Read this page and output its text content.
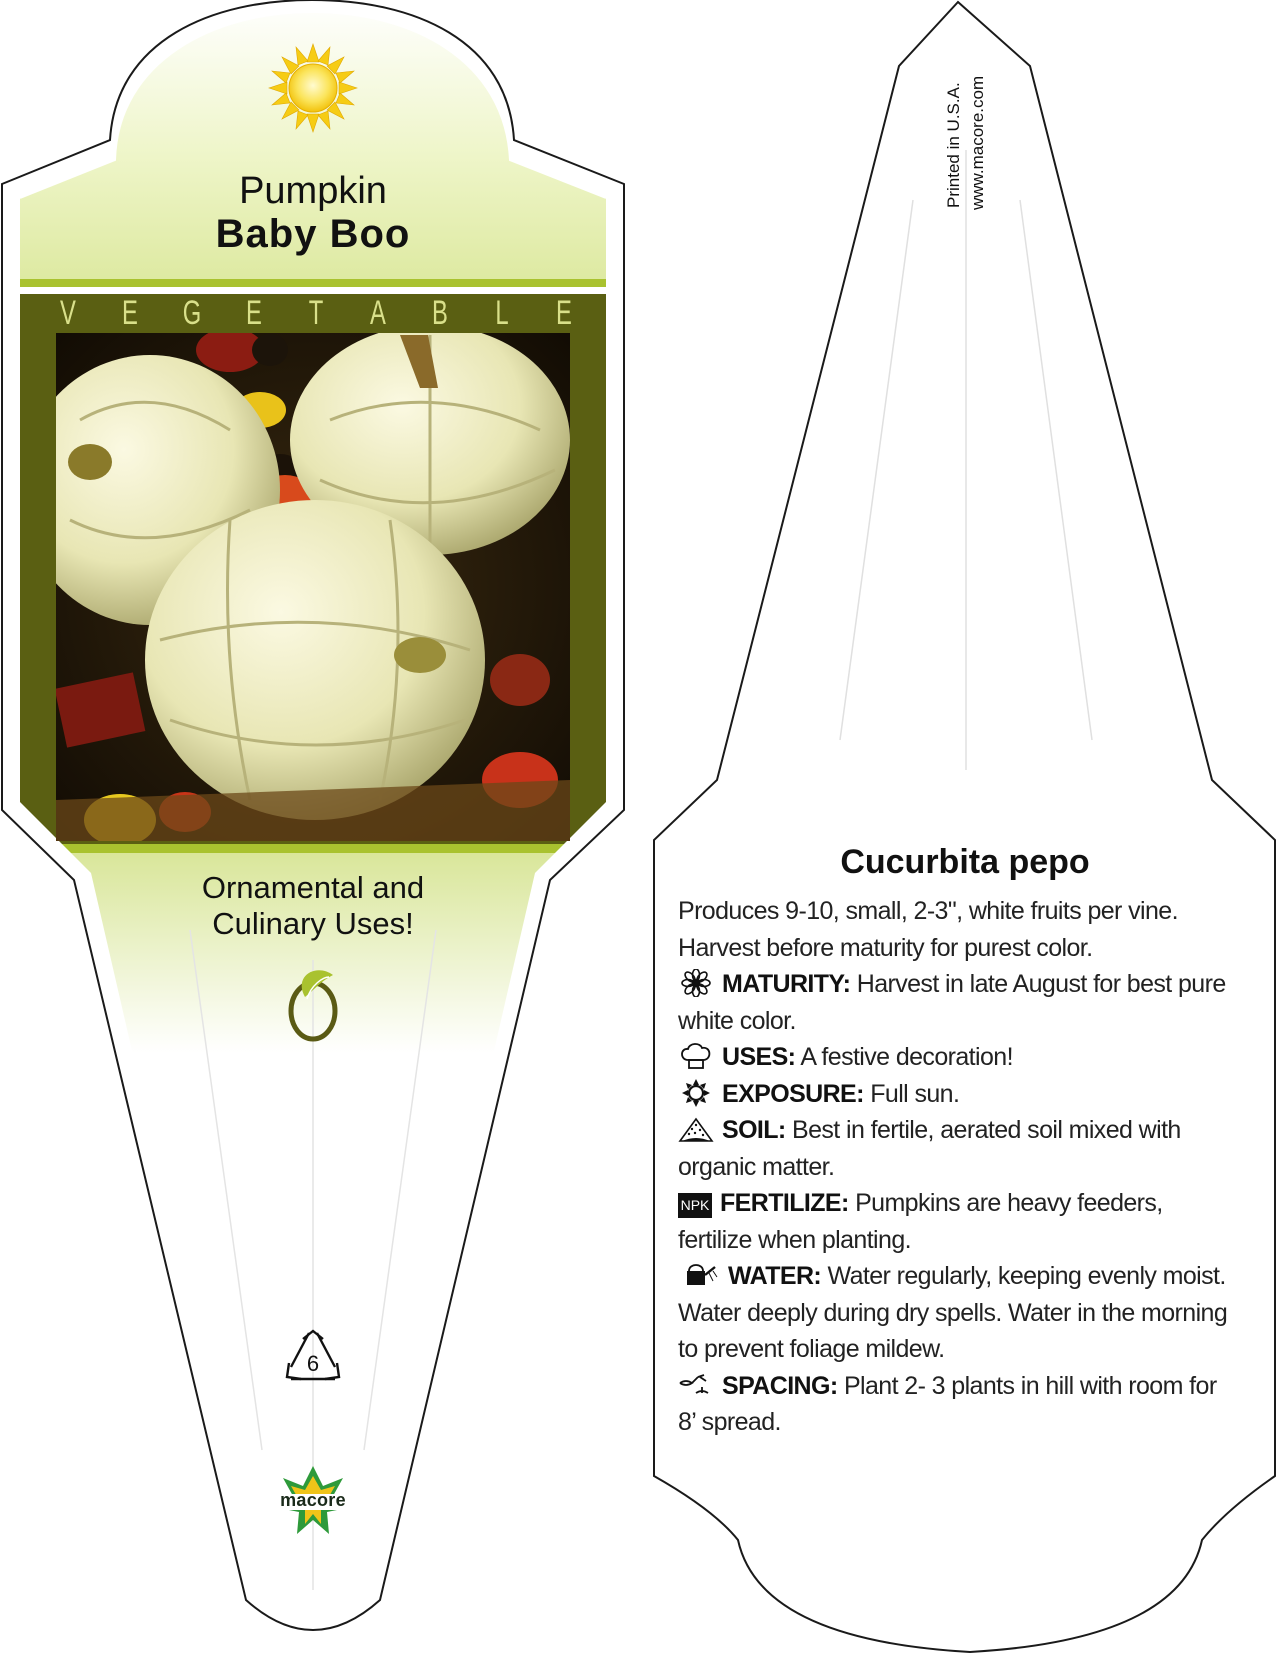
Pumpkin
Baby Boo
V E G E T A B L E
Ornamental and
Culinary Uses!
6
macore
Printed in U.S.A. www.macore.com
Cucurbita pepo

Produces 9-10, small, 2-3", white fruits per vine. Harvest before maturity for purest color.

MATURITY: Harvest in late August for best pure white color.

USES: A festive decoration!

EXPOSURE: Full sun.

SOIL: Best in fertile, aerated soil mixed with organic matter.

NPK FERTILIZE: Pumpkins are heavy feeders, fertilize when planting.

WATER: Water regularly, keeping evenly moist. Water deeply during dry spells. Water in the morning to prevent foliage mildew.

SPACING: Plant 2- 3 plants in hill with room for 8’ spread.
